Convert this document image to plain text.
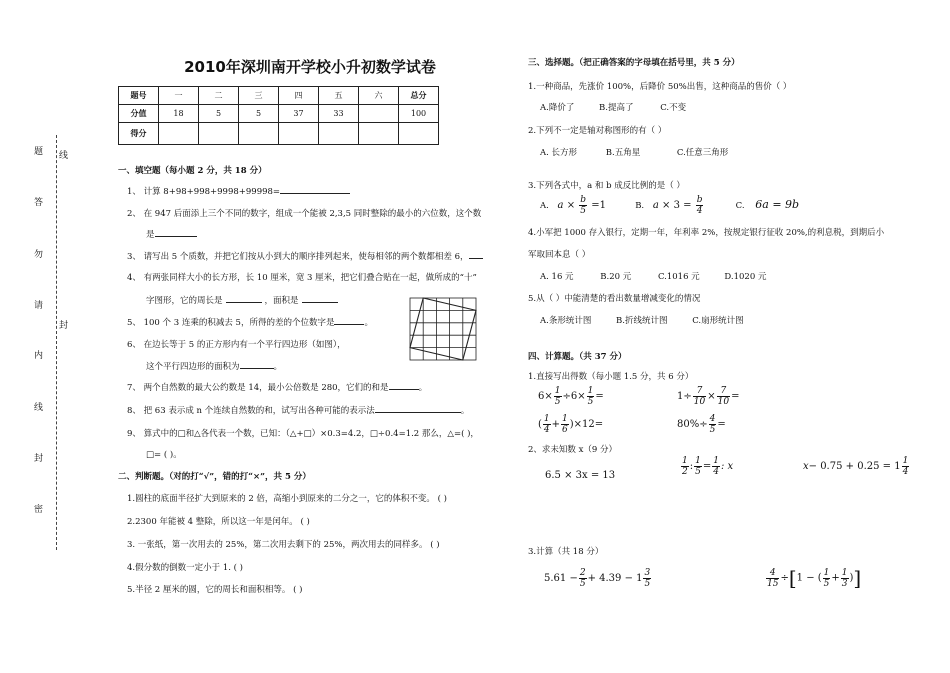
题
答
勿
请
内
线
封
密
线
封
2010年深圳南开学校小升初数学试卷
题号	一	二	三	四	五	六	总分
分值	18	5	5	37	33		100
得分							
一、填空题（每小题 2 分，共 18 分）
1、 计算 8+98+998+9998+99998=
2、 在 947 后面添上三个不同的数字，组成一个能被 2,3,5 同时整除的最小的六位数，这个数
是
3、 请写出 5 个质数，并把它们按从小到大的顺序排列起来，使每相邻的两个数都相差 6，
4、 有两张同样大小的长方形，长 10 厘米，宽 3 厘米，把它们叠合贴在一起，做所成的“十”
字图形，它的周长是	，面积是
5、 100 个 3 连乘的积减去 5，所得的差的个位数字是	。
6、 在边长等于 5 的正方形内有一个平行四边形（如图），
这个平行四边形的面积为	。
7、 两个自然数的最大公约数是 14，最小公倍数是 280，它们的和是	。
8、 把 63 表示成 n 个连续自然数的和，试写出各种可能的表示法	。
9、 算式中的□和△各代表一个数，已知：（△+□）×0.3=4.2，□÷0.4=1.2 那么，△=( )，
□= ( )。
二、判断题。（对的打“√”，错的打“×”，共 5 分）
1.圆柱的底面半径扩大到原来的 2 倍，高缩小到原来的二分之一，它的体积不变。 ( )
2.2300 年能被 4 整除，所以这一年是闰年。 ( )
3. 一张纸，第一次用去的 25%，第二次用去剩下的 25%，两次用去的同样多。 ( )
4.假分数的倒数一定小于 1. ( )
5.半径 2 厘米的圆，它的周长和面积相等。 ( )
三、选择题。（把正确答案的字母填在括号里，共 5 分）
1.一种商品，先涨价 100%，后降价 50%出售，这种商品的售价（ ）
A.降价了	B.提高了	C.不变
2.下列不一定是轴对称图形的有（ ）
A. 长方形	B.五角星	C.任意三角形
3.下列各式中，a 和 b 成反比例的是（ ）
A. $a \times \frac{b}{5} =1$	B. $a \times 3 = \frac{b}{4}$	C. 6a = 9b
4.小军把 1000 存入银行，定期一年，年利率 2%，按规定银行征收 20%,的利息税，到期后小
军取回本息（ ）
A. 16 元	B.20 元	C.1016 元	D.1020 元
5.从（ ）中能清楚的看出数量增减变化的情况
A.条形统计图	B.折线统计图	C.扇形统计图
四、计算题。（共 37 分）
1.直接写出得数（每小题 1.5 分，共 6 分）
$6\times \frac{1}{5} \div 6\times \frac{1}{5}$ =	$1\div \frac{7}{10} \times \frac{7}{10}$ =
( $\frac{1}{4} + \frac{1}{6} )\times 12=$	$80\%\div \frac{4}{5}$ =
2、求未知数 x（9 分）
6.5 × 3x = 13	$\frac{1}{2}$ : $\frac{1}{5} = \frac{1}{4}$ : x	$x- 0.75 + 0.25 = 1 \frac{1}{4}$
3.计算（共 18 分）
$5.61 - \frac{2}{5} + 4.39 - 1 \frac{3}{5}$	$\frac{4}{15} \div[1$ − ( $\frac{1}{5} + \frac{1}{3}$ )]
